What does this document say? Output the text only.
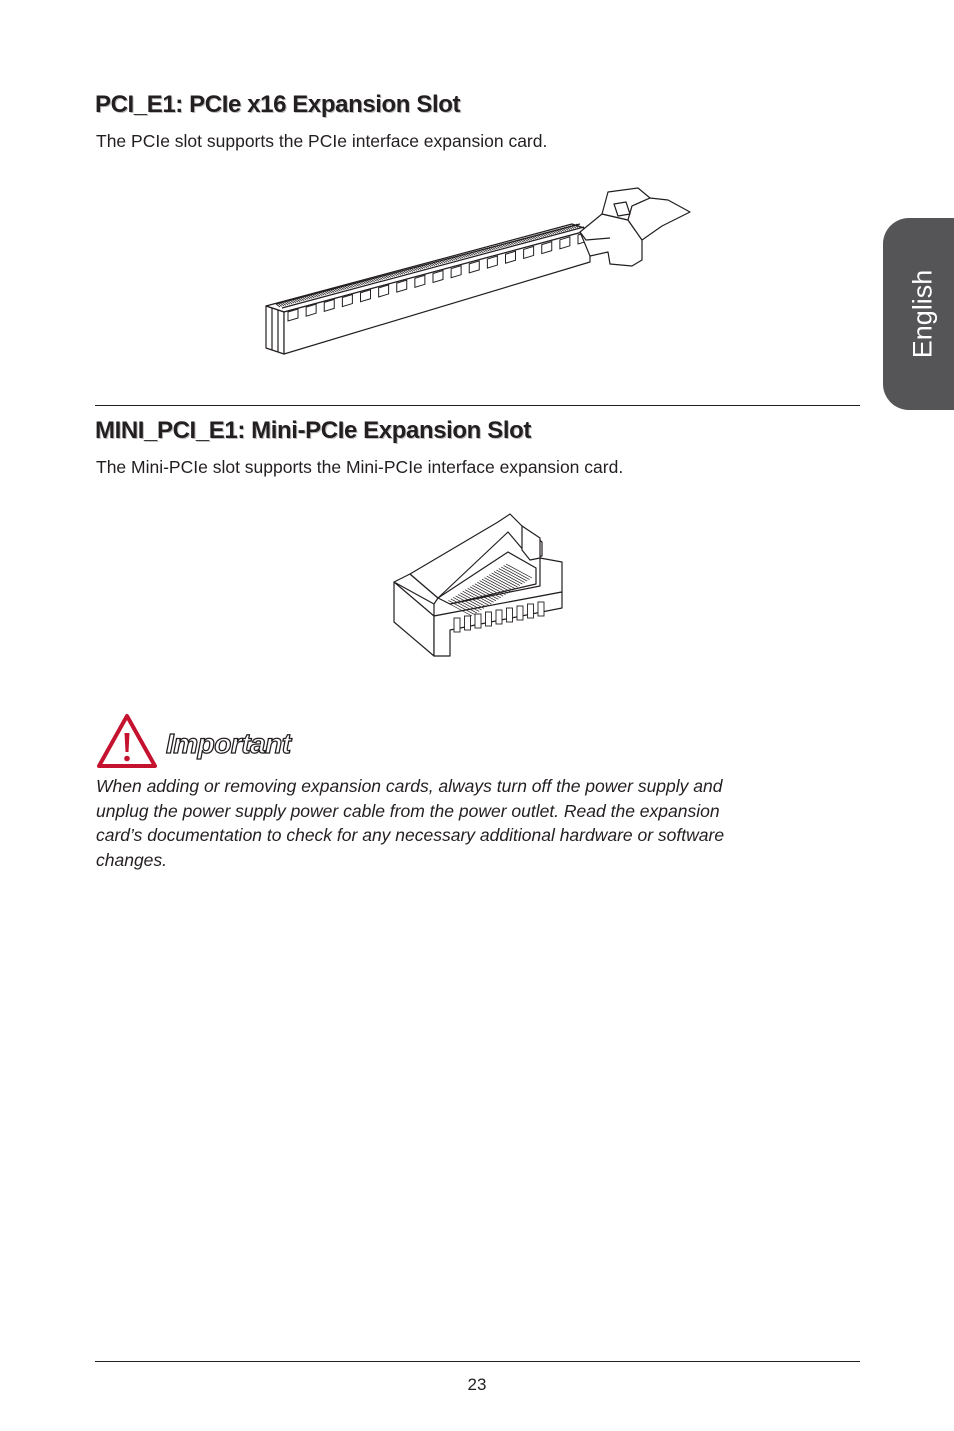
English
PCI_E1: PCIe x16 Expansion Slot
The PCIe slot supports the PCIe interface expansion card.
MINI_PCI_E1: Mini-PCIe Expansion Slot
The Mini-PCIe slot supports the Mini-PCIe interface expansion card.
Important
When adding or removing expansion cards, always turn off the power supply and
unplug the power supply power cable from the power outlet. Read the expansion
card’s documentation to check for any necessary additional hardware or software
changes.
23
